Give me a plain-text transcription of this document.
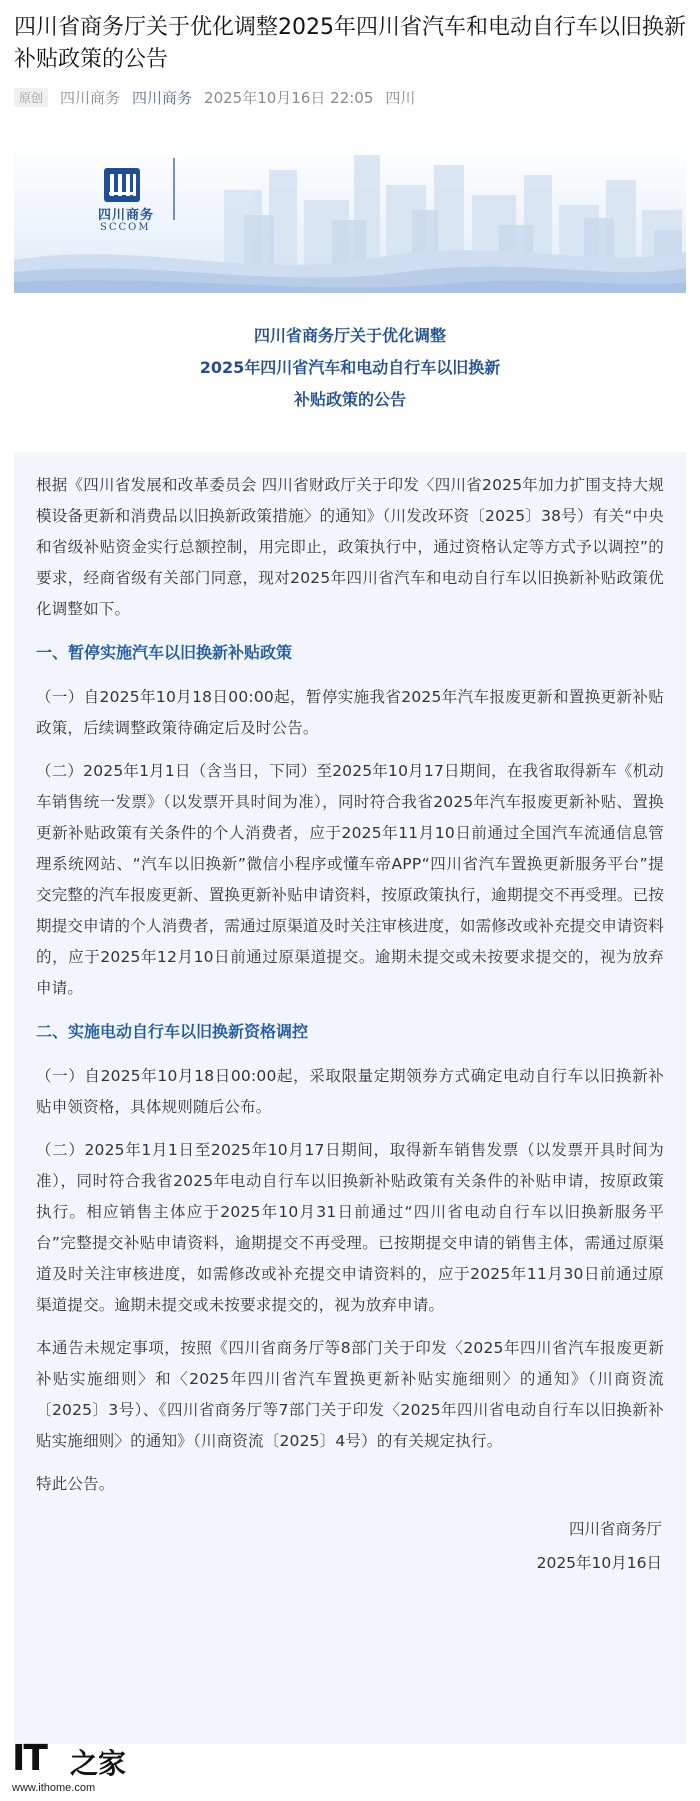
四川省商务厅关于优化调整2025年四川省汽车和电动自行车以旧换新补贴政策的公告
原创	四川商务 四川商务 2025年10月16日 22:05 四川
四川商务
SCCOM
四川省商务厅关于优化调整
2025年四川省汽车和电动自行车以旧换新
补贴政策的公告

根据《四川省发展和改革委员会 四川省财政厅关于印发〈四川省2025年加力扩围支持大规模设备更新和消费品以旧换新政策措施〉的通知》（川发改环资〔2025〕38号）有关“中央和省级补贴资金实行总额控制，用完即止，政策执行中，通过资格认定等方式予以调控”的要求，经商省级有关部门同意，现对2025年四川省汽车和电动自行车以旧换新补贴政策优化调整如下。

一、暂停实施汽车以旧换新补贴政策

（一）自2025年10月18日00:00起，暂停实施我省2025年汽车报废更新和置换更新补贴政策，后续调整政策待确定后及时公告。

（二）2025年1月1日（含当日，下同）至2025年10月17日期间，在我省取得新车《机动车销售统一发票》（以发票开具时间为准），同时符合我省2025年汽车报废更新补贴、置换更新补贴政策有关条件的个人消费者，应于2025年11月10日前通过全国汽车流通信息管理系统网站、“汽车以旧换新”微信小程序或懂车帝APP“四川省汽车置换更新服务平台”提交完整的汽车报废更新、置换更新补贴申请资料，按原政策执行，逾期提交不再受理。已按期提交申请的个人消费者，需通过原渠道及时关注审核进度，如需修改或补充提交申请资料的，应于2025年12月10日前通过原渠道提交。逾期未提交或未按要求提交的，视为放弃申请。

二、实施电动自行车以旧换新资格调控

（一）自2025年10月18日00:00起，采取限量定期领券方式确定电动自行车以旧换新补贴申领资格，具体规则随后公布。

（二）2025年1月1日至2025年10月17日期间，取得新车销售发票（以发票开具时间为准），同时符合我省2025年电动自行车以旧换新补贴政策有关条件的补贴申请，按原政策执行。相应销售主体应于2025年10月31日前通过“四川省电动自行车以旧换新服务平台”完整提交补贴申请资料，逾期提交不再受理。已按期提交申请的销售主体，需通过原渠道及时关注审核进度，如需修改或补充提交申请资料的，应于2025年11月30日前通过原渠道提交。逾期未提交或未按要求提交的，视为放弃申请。

本通告未规定事项，按照《四川省商务厅等8部门关于印发〈2025年四川省汽车报废更新补贴实施细则〉和〈2025年四川省汽车置换更新补贴实施细则〉的通知》（川商资流〔2025〕3号）、《四川省商务厅等7部门关于印发〈2025年四川省电动自行车以旧换新补贴实施细则〉的通知》（川商资流〔2025〕4号）的有关规定执行。

特此公告。

四川省商务厅
2025年10月16日
IT 之家
www.ithome.com
